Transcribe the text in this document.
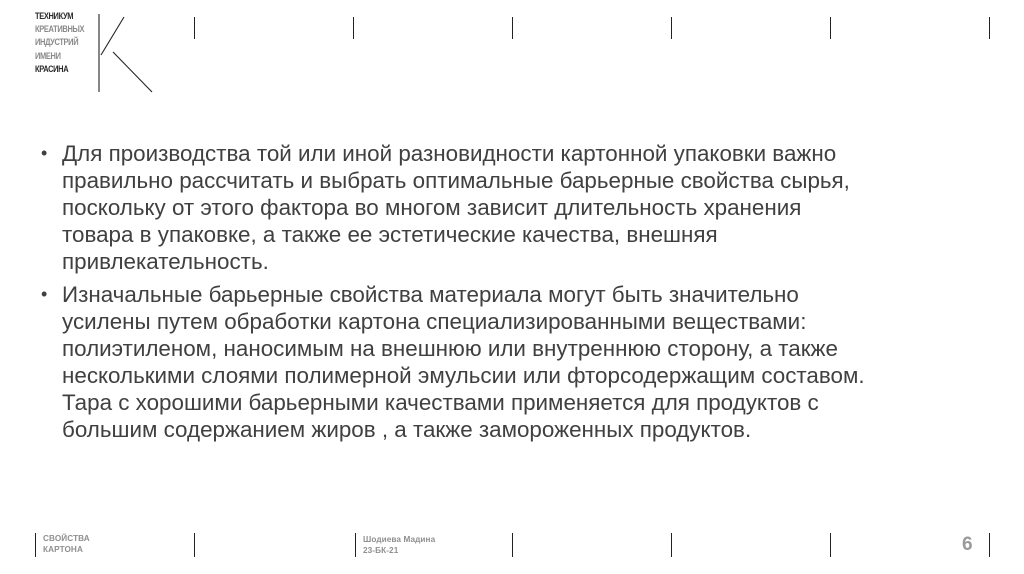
ТЕХНИКУМ
КРЕАТИВНЫХ
ИНДУСТРИЙ
ИМЕНИ
КРАСИНА
• Для производства той или иной разновидности картонной упаковки важно
правильно рассчитать и выбрать оптимальные барьерные свойства сырья,
поскольку от этого фактора во многом зависит длительность хранения
товара в упаковке, а также ее эстетические качества, внешняя
привлекательность.
• Изначальные барьерные свойства материала могут быть значительно
усилены путем обработки картона специализированными веществами:
полиэтиленом, наносимым на внешнюю или внутреннюю сторону, а также
несколькими слоями полимерной эмульсии или фторсодержащим составом.
Тара с хорошими барьерными качествами применяется для продуктов с
большим содержанием жиров , а также замороженных продуктов.
СВОЙСТВА
КАРТОНА
Шодиева Мадина
23-БК-21	6
